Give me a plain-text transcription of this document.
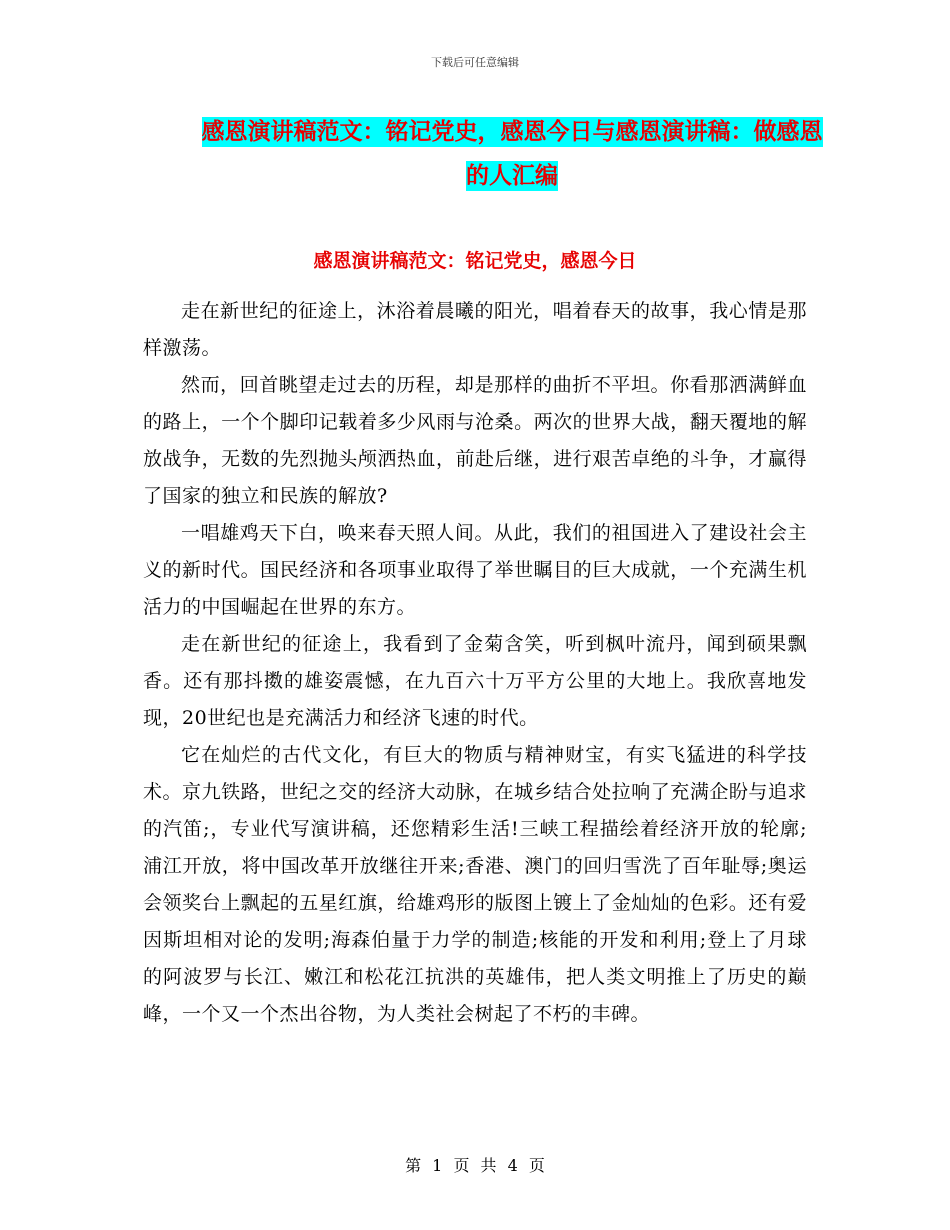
下载后可任意编辑
感恩演讲稿范文：铭记党史，感恩今日与感恩演讲稿：做感恩的人汇编
感恩演讲稿范文：铭记党史，感恩今日

走在新世纪的征途上，沐浴着晨曦的阳光，唱着春天的故事，我心情是那样激荡。

然而，回首眺望走过去的历程，却是那样的曲折不平坦。你看那洒满鲜血的路上，一个个脚印记载着多少风雨与沧桑。两次的世界大战，翻天覆地的解放战争，无数的先烈抛头颅洒热血，前赴后继，进行艰苦卓绝的斗争，才赢得了国家的独立和民族的解放?

一唱雄鸡天下白，唤来春天照人间。从此，我们的祖国进入了建设社会主义的新时代。国民经济和各项事业取得了举世瞩目的巨大成就，一个充满生机活力的中国崛起在世界的东方。

走在新世纪的征途上，我看到了金菊含笑，听到枫叶流丹，闻到硕果飘香。还有那抖擞的雄姿震憾，在九百六十万平方公里的大地上。我欣喜地发现，20世纪也是充满活力和经济飞速的时代。

它在灿烂的古代文化，有巨大的物质与精神财宝，有实飞猛进的科学技术。京九铁路，世纪之交的经济大动脉，在城乡结合处拉响了充满企盼与追求的汽笛;，专业代写演讲稿，还您精彩生活!三峡工程描绘着经济开放的轮廓;浦江开放，将中国改革开放继往开来;香港、澳门的回归雪洗了百年耻辱;奥运会领奖台上飘起的五星红旗，给雄鸡形的版图上镀上了金灿灿的色彩。还有爱因斯坦相对论的发明;海森伯量于力学的制造;核能的开发和利用;登上了月球的阿波罗与长江、嫩江和松花江抗洪的英雄伟，把人类文明推上了历史的巅峰，一个又一个杰出谷物，为人类社会树起了不朽的丰碑。

第 1 页 共 4 页
